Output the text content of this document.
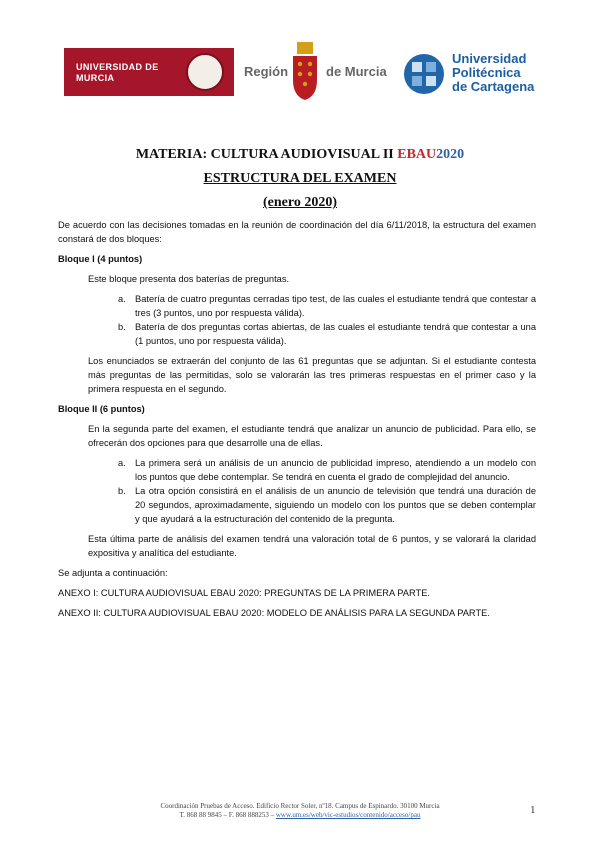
UNIVERSIDAD DE
MURCIA	Región	de Murcia
Universidad
Politécnica
de Cartagena
MATERIA: CULTURA AUDIOVISUAL II EBAU2020
ESTRUCTURA DEL EXAMEN
(enero 2020)

De acuerdo con las decisiones tomadas en la reunión de coordinación del día 6/11/2018, la estructura del examen constará de dos bloques:

Bloque I (4 puntos)

Este bloque presenta dos baterías de preguntas.

a. Batería de cuatro preguntas cerradas tipo test, de las cuales el estudiante tendrá que contestar a tres (3 puntos, uno por respuesta válida).
b. Batería de dos preguntas cortas abiertas, de las cuales el estudiante tendrá que contestar a una (1 puntos, uno por respuesta válida).

Los enunciados se extraerán del conjunto de las 61 preguntas que se adjuntan. Si el estudiante contesta más preguntas de las permitidas, solo se valorarán las tres primeras respuestas en el primer caso y la primera respuesta en el segundo.

Bloque II (6 puntos)

En la segunda parte del examen, el estudiante tendrá que analizar un anuncio de publicidad. Para ello, se ofrecerán dos opciones para que desarrolle una de ellas.

a. La primera será un análisis de un anuncio de publicidad impreso, atendiendo a un modelo con los puntos que debe contemplar. Se tendrá en cuenta el grado de complejidad del anuncio.
b. La otra opción consistirá en el análisis de un anuncio de televisión que tendrá una duración de 20 segundos, aproximadamente, siguiendo un modelo con los puntos que se deben contemplar y que ayudará a la estructuración del contenido de la pregunta.

Esta última parte de análisis del examen tendrá una valoración total de 6 puntos, y se valorará la claridad expositiva y analítica del estudiante.

Se adjunta a continuación:

ANEXO I: CULTURA AUDIOVISUAL EBAU 2020: PREGUNTAS DE LA PRIMERA PARTE.

ANEXO II: CULTURA AUDIOVISUAL EBAU 2020: MODELO DE ANÁLISIS PARA LA SEGUNDA PARTE.

Coordinación Pruebas de Acceso. Edificio Rector Soler, nº18. Campus de Espinardo. 30100 Murcia
T. 868 88 9845 – F. 868 888253 – www.um.es/web/vic-estudios/contenido/acceso/pau	1
